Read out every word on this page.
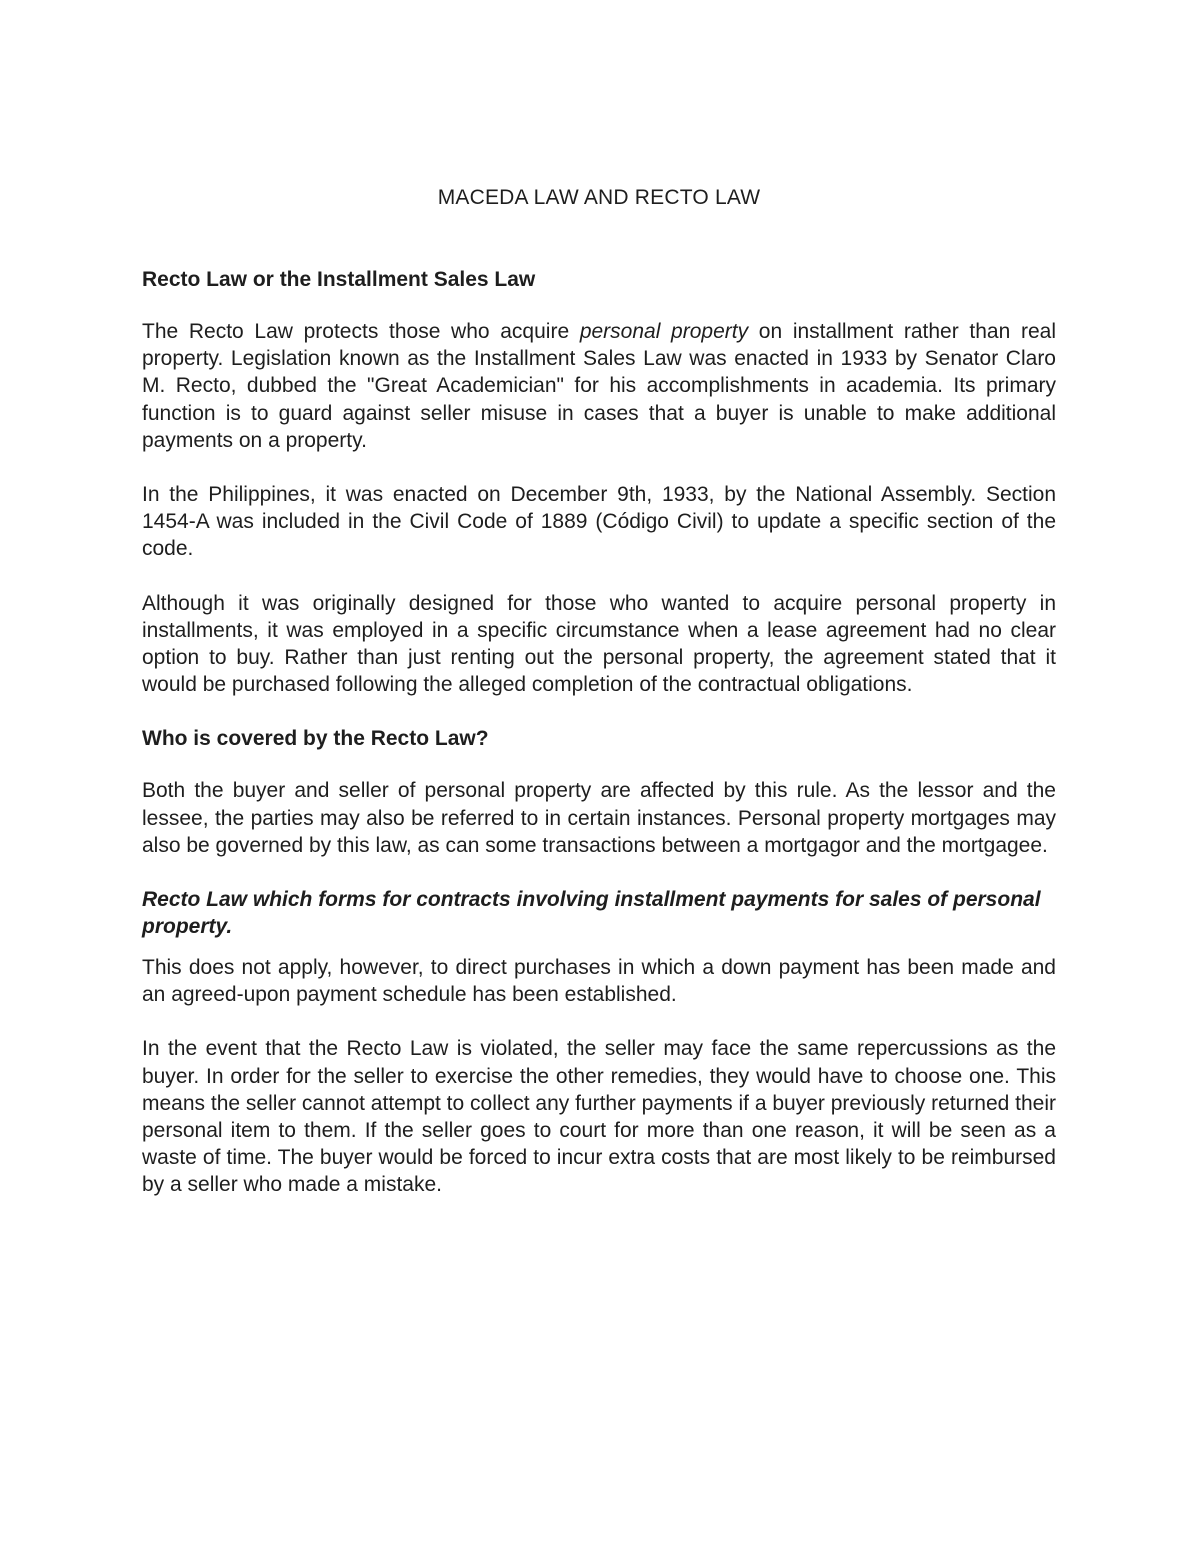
MACEDA LAW AND RECTO LAW
Recto Law or the Installment Sales Law

The Recto Law protects those who acquire personal property on installment rather than real property. Legislation known as the Installment Sales Law was enacted in 1933 by Senator Claro M. Recto, dubbed the "Great Academician" for his accomplishments in academia. Its primary function is to guard against seller misuse in cases that a buyer is unable to make additional payments on a property.

In the Philippines, it was enacted on December 9th, 1933, by the National Assembly. Section 1454-A was included in the Civil Code of 1889 (Código Civil) to update a specific section of the code.

Although it was originally designed for those who wanted to acquire personal property in installments, it was employed in a specific circumstance when a lease agreement had no clear option to buy. Rather than just renting out the personal property, the agreement stated that it would be purchased following the alleged completion of the contractual obligations.

Who is covered by the Recto Law?

Both the buyer and seller of personal property are affected by this rule. As the lessor and the lessee, the parties may also be referred to in certain instances. Personal property mortgages may also be governed by this law, as can some transactions between a mortgagor and the mortgagee.

Recto Law which forms for contracts involving installment payments for sales of personal property.

This does not apply, however, to direct purchases in which a down payment has been made and an agreed-upon payment schedule has been established.

In the event that the Recto Law is violated, the seller may face the same repercussions as the buyer. In order for the seller to exercise the other remedies, they would have to choose one. This means the seller cannot attempt to collect any further payments if a buyer previously returned their personal item to them. If the seller goes to court for more than one reason, it will be seen as a waste of time. The buyer would be forced to incur extra costs that are most likely to be reimbursed by a seller who made a mistake.
